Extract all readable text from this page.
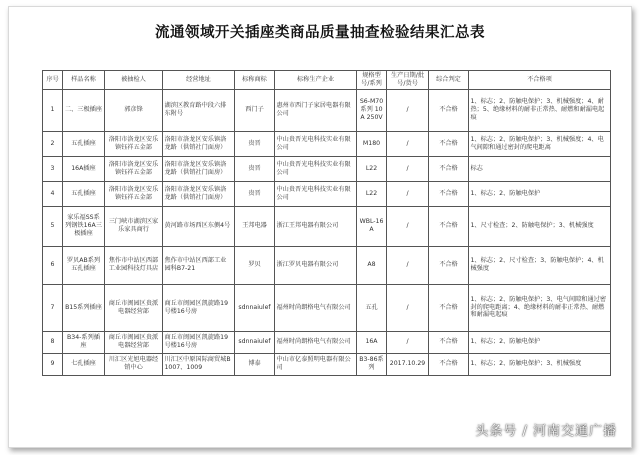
流通领域开关插座类商品质量抽查检验结果汇总表
序号	样品名称	被抽检人	经营地址	标称商标	标称生产企业	规格型号/系列	生产日期/批号/货号	综合判定	不合格项
1	二、三极插座	郭彦锋	湖滨区教育路中段六排东附号	西门子	惠州市西门子家居电器有限公司	S6-M70系列 10A 250V	/	不合格	1、标志；2、防触电保护；3、机械强度；4、耐热；5、绝缘材料的耐非正常热、耐燃和耐漏电起痕
2	五孔插座	洛阳市洛龙区安乐镇钰祥五金部	洛阳市洛龙区安乐镇洛龙路（供销社门面房）	贵晋	中山贵晋光电科技实业有限公司	M180	/	不合格	1、标志；2、防触电保护；3、机械强度；4、电气间隙和通过密封的爬电距离
3	16A插座	洛阳市洛龙区安乐镇钰祥五金部	洛阳市洛龙区安乐镇洛龙路（供销社门面房）	贵晋	中山贵晋光电科技实业有限公司	L22	/	不合格	标志
4	五孔插座	洛阳市洛龙区安乐镇钰祥五金部	洛阳市洛龙区安乐镇洛龙路（供销社门面房）	贵晋	中山贵晋光电科技实业有限公司	L22	/	不合格	1、标志；2、防触电保护
5	家乐福SS系列钢铁16A三极插座	三门峡市湖滨区家乐家具商行	黄河路市场西区东侧4号	王邦电器	浙江王邦电器有限公司	WBL-16A	/	不合格	1、尺寸检查；2、防触电保护；3、机械强度
6	罗贝AB系列五孔插座	焦作市中站区西部工业园科技灯具店	焦作市中站区西部工业园科B7-21	罗贝	浙江罗贝电器有限公司	A8	/	不合格	1、标志；2、尺寸检查；3、防触电保护；4、机械强度
7	B15系列插座	商丘市闽园区贵派电器经营部	商丘市闽园区凯旋路19号楼16号房	sdnnaiulef	福州时尚朗格电气有限公司	五孔	/	不合格	1、标志；2、防触电保护；3、电气间隙和通过密封的爬电距离；4、绝缘材料的耐非正常热、耐燃和耐漏电起痕
8	B34-系列插座	商丘市闽园区贵派电器经营部	商丘市闽园区凯旋路19号楼16号房	sdnnaiulef	福州时尚朗格电气有限公司	16A	/	不合格	1、标志；2、防触电保护
9	七孔插座	川汇区光旭电器经销中心	川汇区中原国际商贸城B1007、1009	博泰	中山市亿泰照明电器有限公司	B3-86系列	2017.10.29	不合格	1、标志；2、防触电保护；3、机械强度
头条号 / 河南交通广播
